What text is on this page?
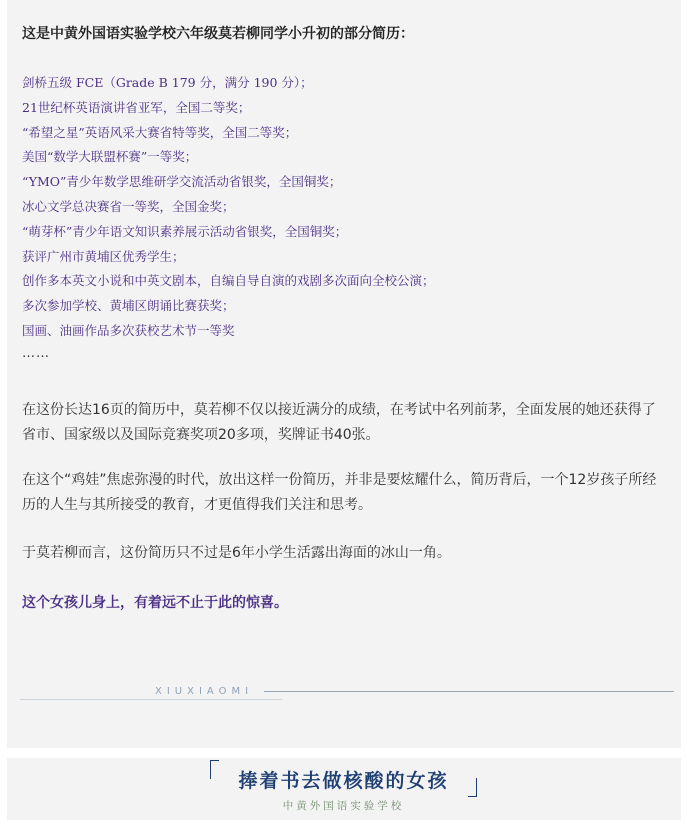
这是中黄外国语实验学校六年级莫若柳同学小升初的部分简历：
剑桥五级 FCE（Grade B 179 分，满分 190 分）；
21世纪杯英语演讲省亚军，全国二等奖；
“希望之星”英语风采大赛省特等奖，全国二等奖；
美国“数学大联盟杯赛”一等奖；
“YMO”青少年数学思维研学交流活动省银奖，全国铜奖；
冰心文学总决赛省一等奖，全国金奖；
“萌芽杯”青少年语文知识素养展示活动省银奖，全国铜奖；
获评广州市黄埔区优秀学生；
创作多本英文小说和中英文剧本，自编自导自演的戏剧多次面向全校公演；
多次参加学校、黄埔区朗诵比赛获奖；
国画、油画作品多次获校艺术节一等奖
……

在这份长达16页的简历中，莫若柳不仅以接近满分的成绩，在考试中名列前茅，全面发展的她还获得了省市、国家级以及国际竞赛奖项20多项，奖牌证书40张。

在这个“鸡娃”焦虑弥漫的时代，放出这样一份简历，并非是要炫耀什么，简历背后，一个12岁孩子所经历的人生与其所接受的教育，才更值得我们关注和思考。

于莫若柳而言，这份简历只不过是6年小学生活露出海面的冰山一角。

这个女孩儿身上，有着远不止于此的惊喜。
XIUXIAOMI
捧着书去做核酸的女孩
中黄外国语实验学校
